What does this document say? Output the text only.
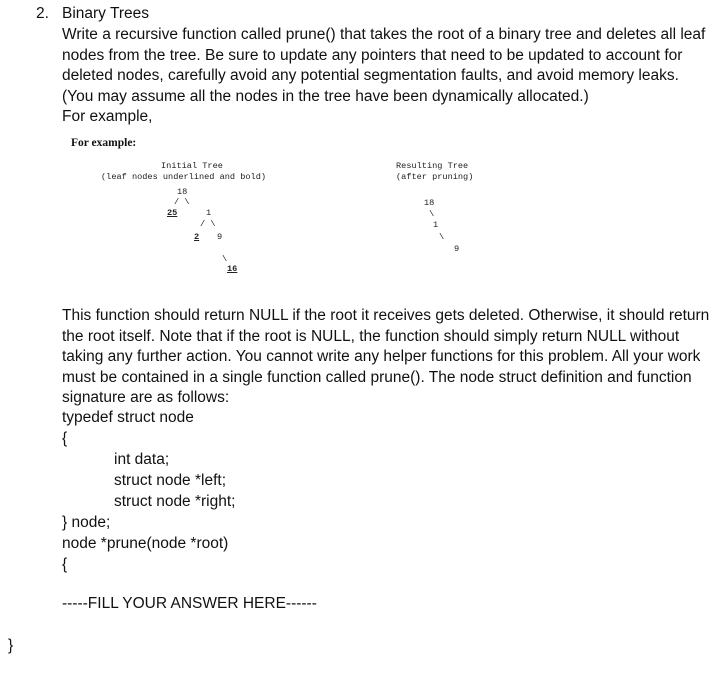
2. Binary Trees
Write a recursive function called prune() that takes the root of a binary tree and deletes all leaf nodes from the tree. Be sure to update any pointers that need to be updated to account for deleted nodes, carefully avoid any potential segmentation faults, and avoid memory leaks. (You may assume all the nodes in the tree have been dynamically allocated.)
For example,
For example:
Initial Tree
(leaf nodes underlined and bold)
18
/ \
25	1
/ \
2 9
\
16
Resulting Tree
(after pruning)
18
\
1
\
9
This function should return NULL if the root it receives gets deleted. Otherwise, it should return the root itself. Note that if the root is NULL, the function should simply return NULL without taking any further action. You cannot write any helper functions for this problem. All your work must be contained in a single function called prune(). The node struct definition and function signature are as follows:
typedef struct node
{
int data;
struct node *left;
struct node *right;
} node;
node *prune(node *root)
{
-----FILL YOUR ANSWER HERE------
}
